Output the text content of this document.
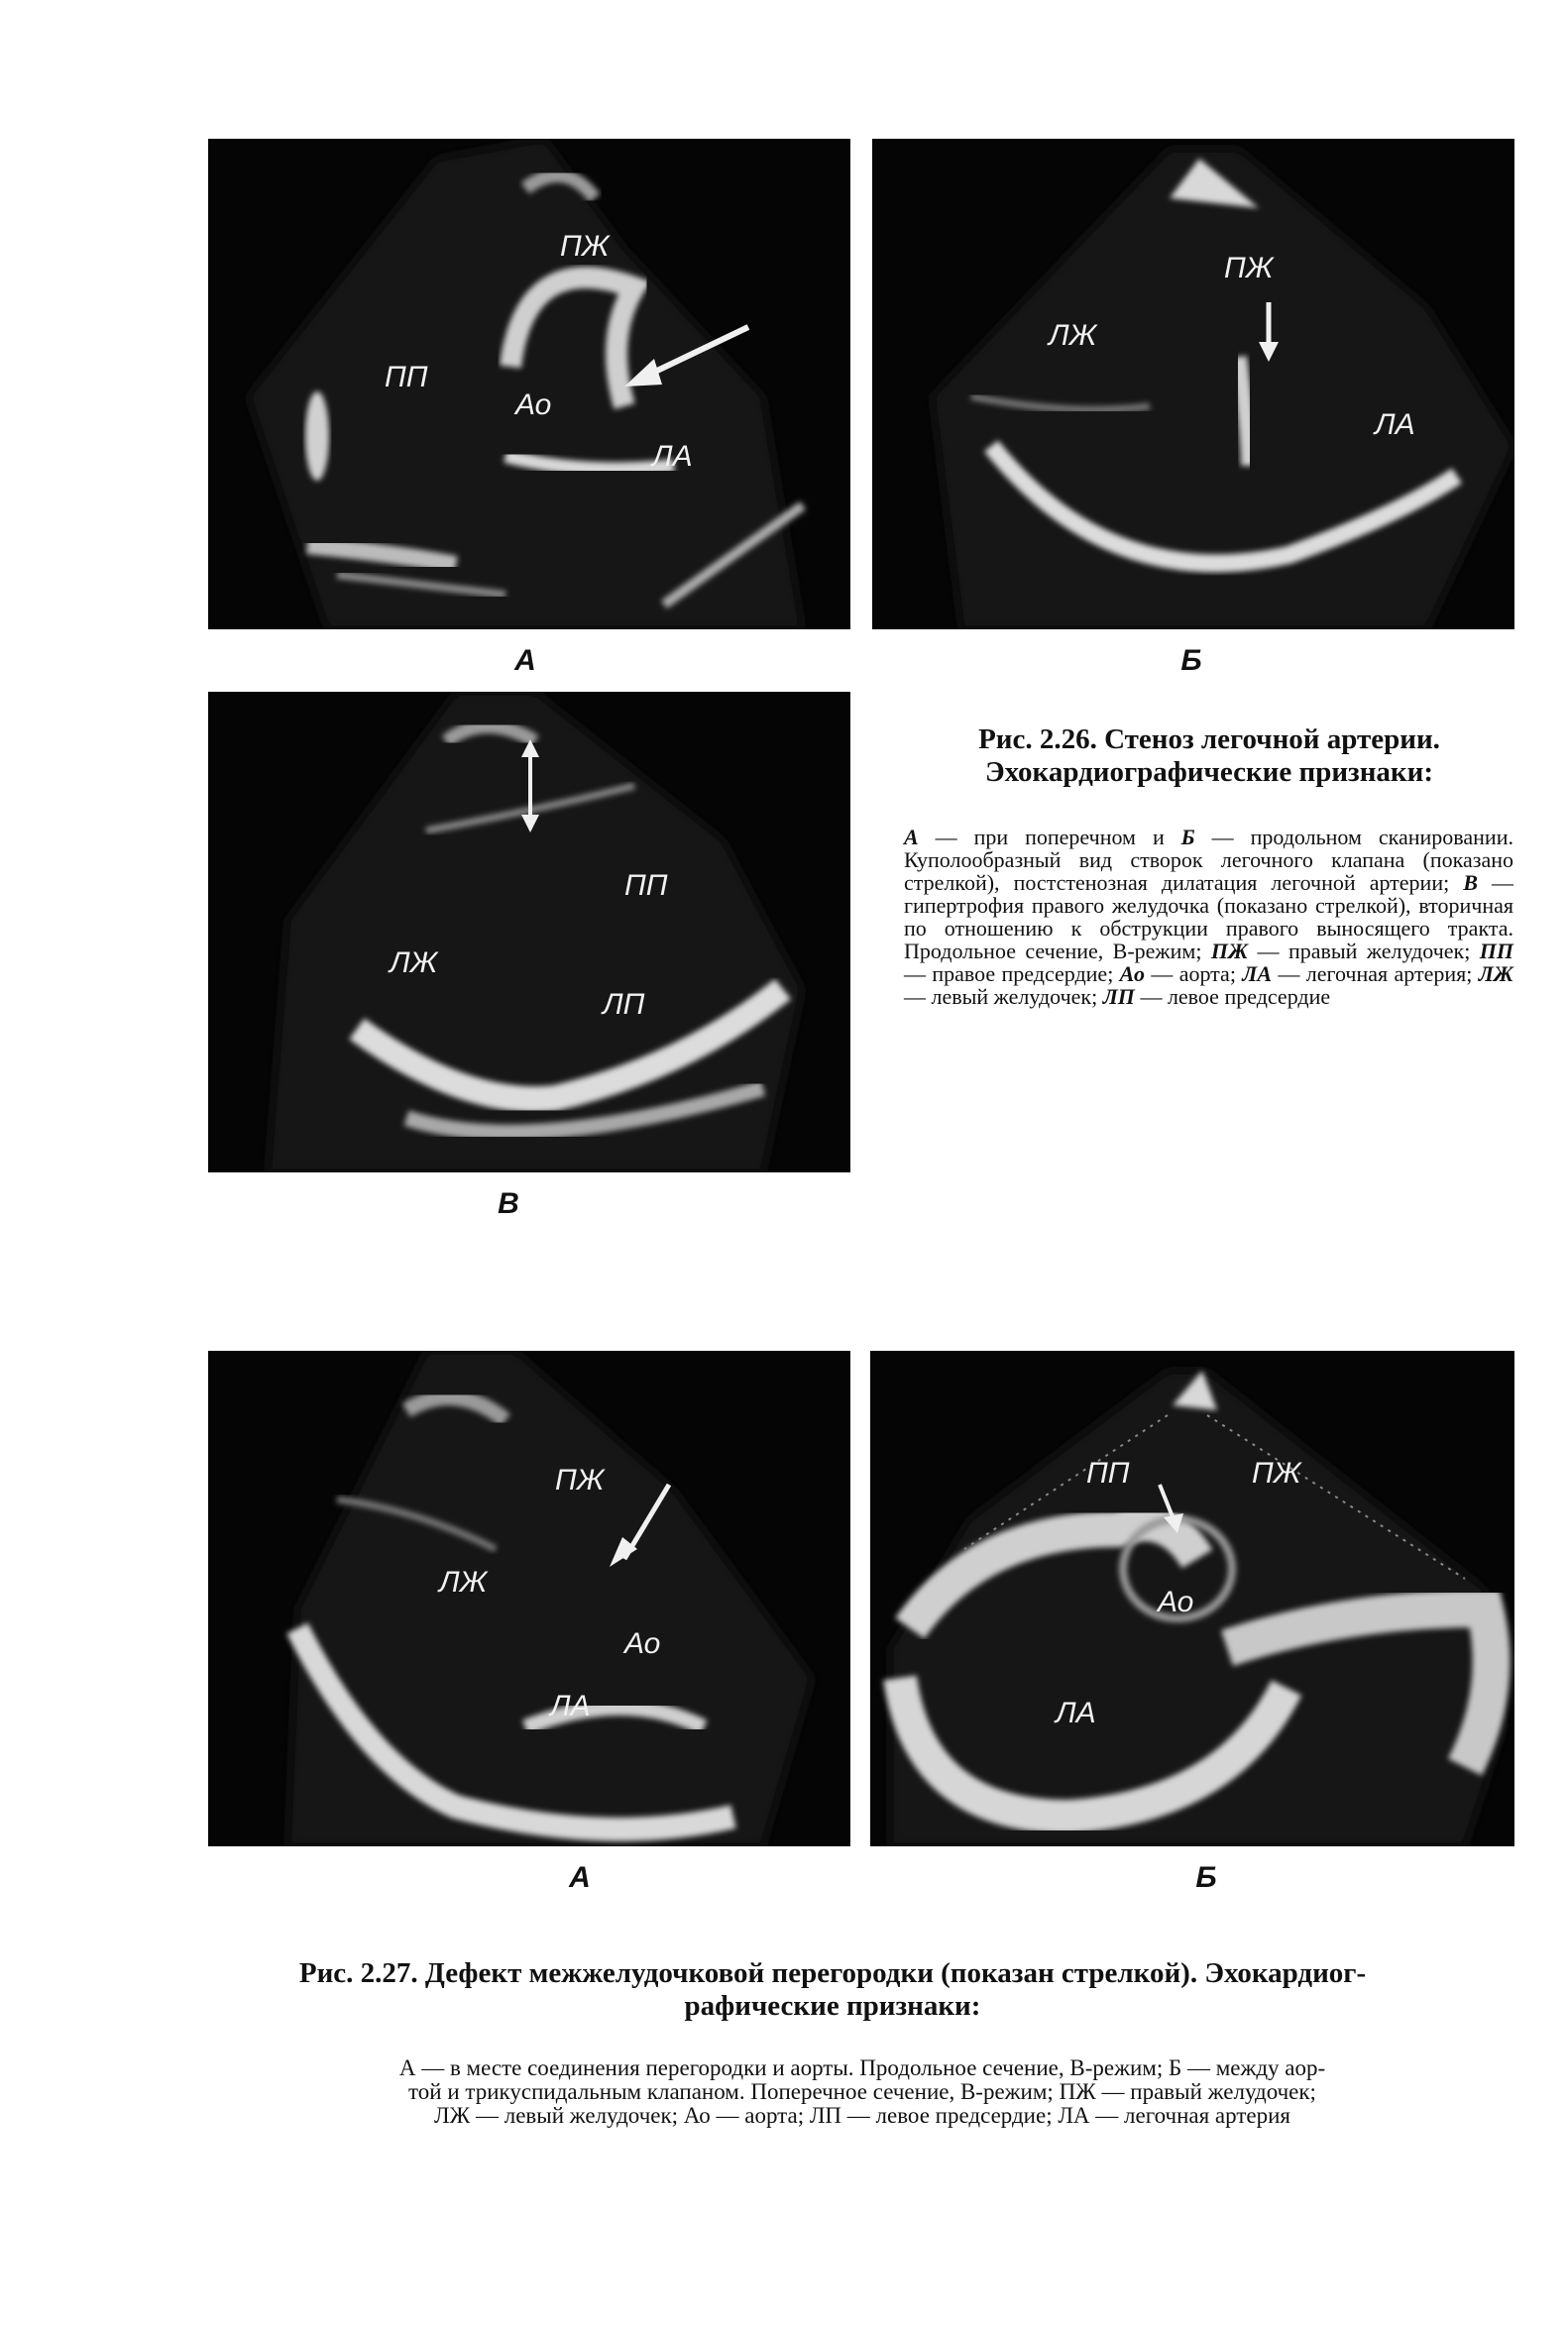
ПЖ
ПП
Ао
ЛА
А
ПЖ
ЛЖ
ЛА
Б
ПП
ЛЖ
ЛП
В
Рис. 2.26. Стеноз легочной артерии.
Эхокардиографические признаки:
А — при поперечном и Б — продольном сканировании. Куполообразный вид створок легочного клапана (показано стрелкой), постстенозная дилатация легочной артерии; В — гипертрофия правого желудочка (показано стрелкой), вторичная по отношению к обструкции правого выносящего тракта. Продольное сечение, В-режим; ПЖ — правый желудочек; ПП — правое предсердие; Ао — аорта; ЛА — легочная артерия; ЛЖ — левый желудочек; ЛП — левое предсердие
ПЖ
ЛЖ
Ао
ЛА
А
ПП	ПЖ
Ао
ЛА
Б
Рис. 2.27. Дефект межжелудочковой перегородки (показан стрелкой). Эхокардиог-
рафические признаки:
А — в месте соединения перегородки и аорты. Продольное сечение, В-режим; Б — между аор-
той и трикуспидальным клапаном. Поперечное сечение, В-режим; ПЖ — правый желудочек;
ЛЖ — левый желудочек; Ао — аорта; ЛП — левое предсердие; ЛА — легочная артерия
